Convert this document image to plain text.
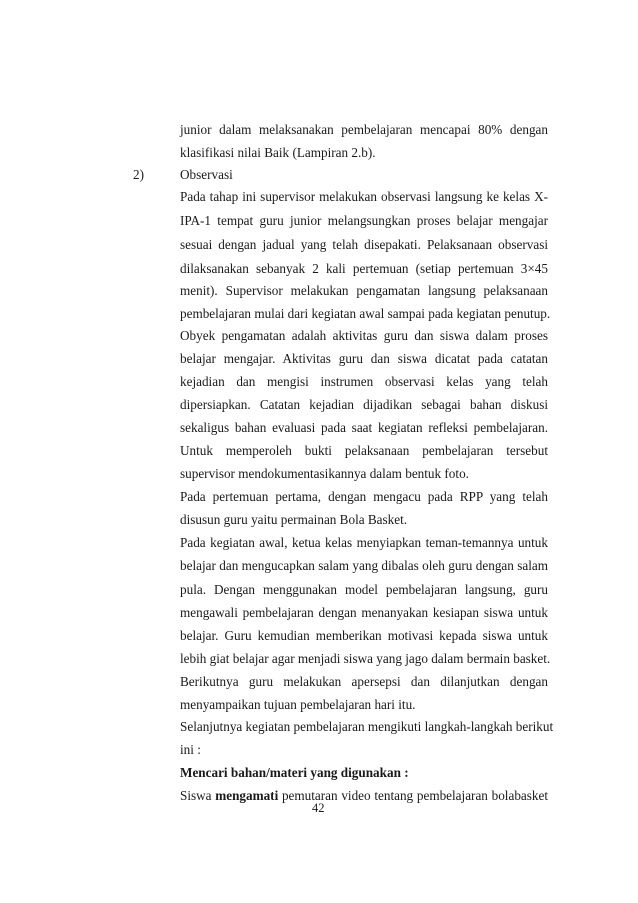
junior dalam melaksanakan pembelajaran mencapai 80% dengan
klasifikasi nilai Baik (Lampiran 2.b).
2)	Observasi
Pada tahap ini supervisor melakukan observasi langsung ke kelas X-
IPA-1 tempat guru junior melangsungkan proses belajar mengajar
sesuai dengan jadual yang telah disepakati. Pelaksanaan observasi
dilaksanakan sebanyak 2 kali pertemuan (setiap pertemuan 3×45
menit). Supervisor melakukan pengamatan langsung pelaksanaan
pembelajaran mulai dari kegiatan awal sampai pada kegiatan penutup.
Obyek pengamatan adalah aktivitas guru dan siswa dalam proses
belajar mengajar. Aktivitas guru dan siswa dicatat pada catatan
kejadian dan mengisi instrumen observasi kelas yang telah
dipersiapkan. Catatan kejadian dijadikan sebagai bahan diskusi
sekaligus bahan evaluasi pada saat kegiatan refleksi pembelajaran.
Untuk memperoleh bukti pelaksanaan pembelajaran tersebut
supervisor mendokumentasikannya dalam bentuk foto.
Pada pertemuan pertama, dengan mengacu pada RPP yang telah
disusun guru yaitu permainan Bola Basket.
Pada kegiatan awal, ketua kelas menyiapkan teman-temannya untuk
belajar dan mengucapkan salam yang dibalas oleh guru dengan salam
pula. Dengan menggunakan model pembelajaran langsung, guru
mengawali pembelajaran dengan menanyakan kesiapan siswa untuk
belajar. Guru kemudian memberikan motivasi kepada siswa untuk
lebih giat belajar agar menjadi siswa yang jago dalam bermain basket.
Berikutnya guru melakukan apersepsi dan dilanjutkan dengan
menyampaikan tujuan pembelajaran hari itu.
Selanjutnya kegiatan pembelajaran mengikuti langkah-langkah berikut
ini :
Mencari bahan/materi yang digunakan :
Siswa mengamati pemutaran video tentang pembelajaran bolabasket
42
